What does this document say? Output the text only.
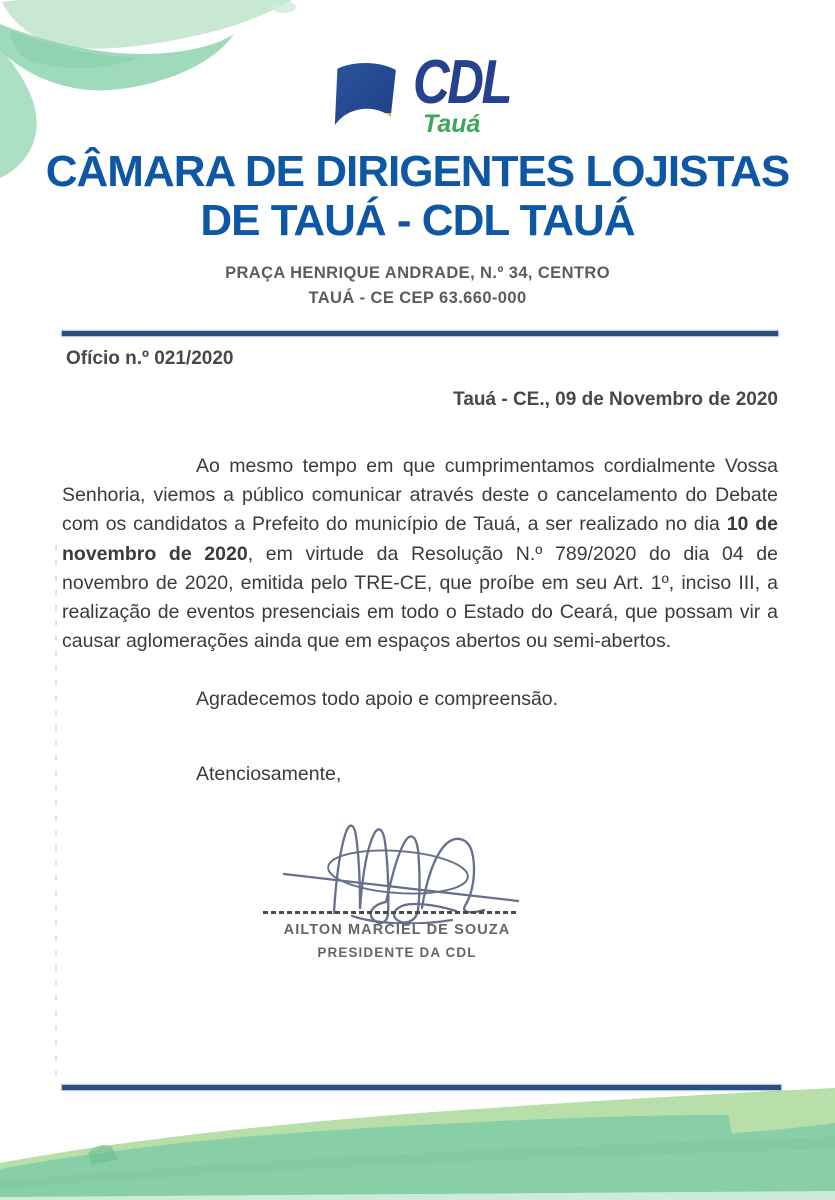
CDL
Tauá
CÂMARA DE DIRIGENTES LOJISTAS
DE TAUÁ - CDL TAUÁ
PRAÇA HENRIQUE ANDRADE, N.º 34, CENTRO
TAUÁ - CE CEP 63.660-000
Ofício n.º 021/2020
Tauá - CE., 09 de Novembro de 2020

Ao mesmo tempo em que cumprimentamos cordialmente Vossa Senhoria, viemos a público comunicar através deste o cancelamento do Debate com os candidatos a Prefeito do município de Tauá, a ser realizado no dia 10 de novembro de 2020, em virtude da Resolução N.º 789/2020 do dia 04 de novembro de 2020, emitida pelo TRE-CE, que proíbe em seu Art. 1º, inciso III, a realização de eventos presenciais em todo o Estado do Ceará, que possam vir a causar aglomerações ainda que em espaços abertos ou semi-abertos.

Agradecemos todo apoio e compreensão.
Atenciosamente,
AILTON MARCIEL DE SOUZA
PRESIDENTE DA CDL
